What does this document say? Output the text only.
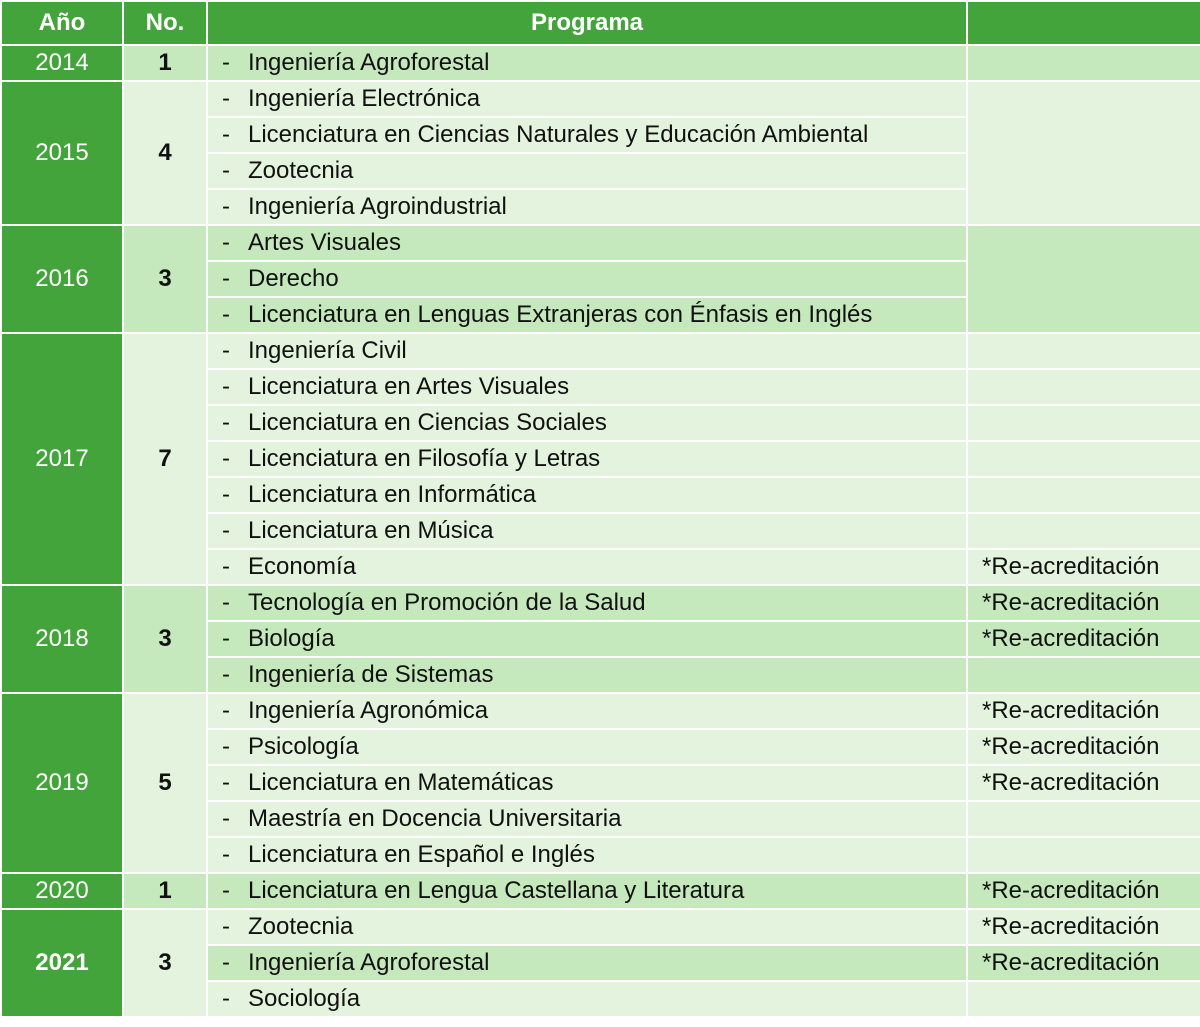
Año	No.	Programa	
2014	1	- Ingeniería Agroforestal	
2015	4	- Ingeniería Electrónica	
		- Licenciatura en Ciencias Naturales y Educación Ambiental	
		- Zootecnia	
		- Ingeniería Agroindustrial	
2016	3	- Artes Visuales	
		- Derecho	
		- Licenciatura en Lenguas Extranjeras con Énfasis en Inglés	
2017	7	- Ingeniería Civil	
		- Licenciatura en Artes Visuales	
		- Licenciatura en Ciencias Sociales	
		- Licenciatura en Filosofía y Letras	
		- Licenciatura en Informática	
		- Licenciatura en Música	
		- Economía	*Re-acreditación
2018	3	- Tecnología en Promoción de la Salud	*Re-acreditación
		- Biología	*Re-acreditación
		- Ingeniería de Sistemas	
2019	5	- Ingeniería Agronómica	*Re-acreditación
		- Psicología	*Re-acreditación
		- Licenciatura en Matemáticas	*Re-acreditación
		- Maestría en Docencia Universitaria	
		- Licenciatura en Español e Inglés	
2020	1	- Licenciatura en Lengua Castellana y Literatura	*Re-acreditación
2021	3	- Zootecnia	*Re-acreditación
		- Ingeniería Agroforestal	*Re-acreditación
		- Sociología	
